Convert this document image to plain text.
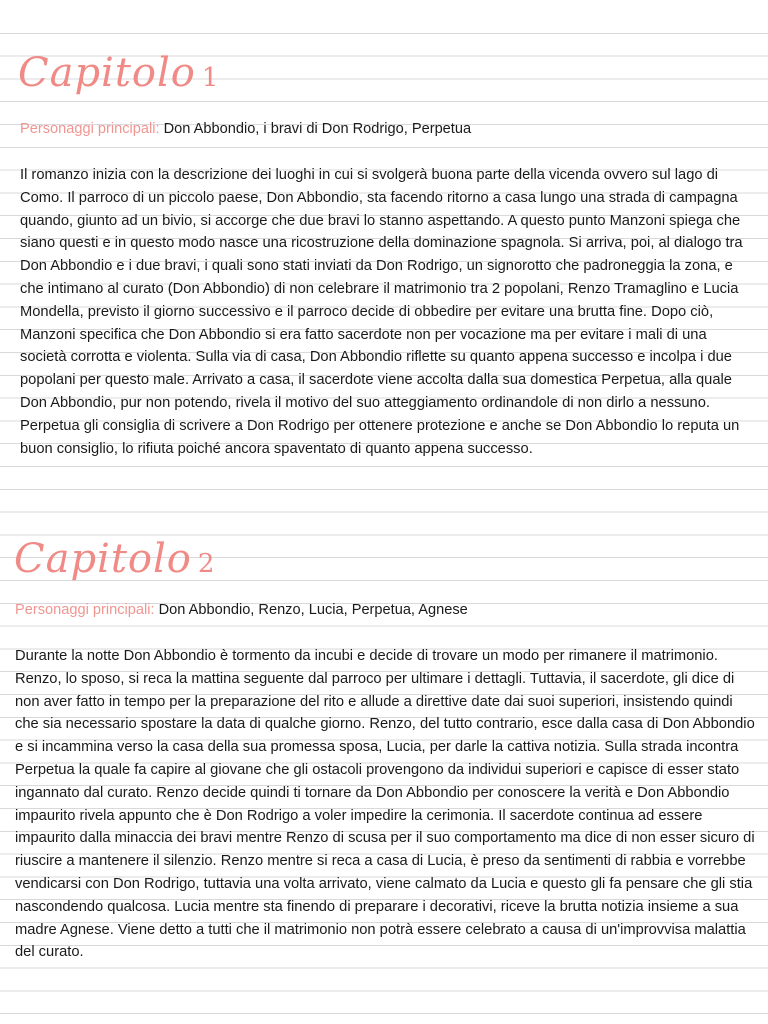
Capitolo 1
Personaggi principali: Don Abbondio, i bravi di Don Rodrigo, Perpetua

Il romanzo inizia con la descrizione dei luoghi in cui si svolgerà buona parte della vicenda ovvero sul lago di Como. Il parroco di un piccolo paese, Don Abbondio, sta facendo ritorno a casa lungo una strada di campagna quando, giunto ad un bivio, si accorge che due bravi lo stanno aspettando. A questo punto Manzoni spiega che siano questi e in questo modo nasce una ricostruzione della dominazione spagnola. Si arriva, poi, al dialogo tra Don Abbondio e i due bravi, i quali sono stati inviati da Don Rodrigo, un signorotto che padroneggia la zona, e che intimano al curato (Don Abbondio) di non celebrare il matrimonio tra 2 popolani, Renzo Tramaglino e Lucia Mondella, previsto il giorno successivo e il parroco decide di obbedire per evitare una brutta fine. Dopo ciò, Manzoni specifica che Don Abbondio si era fatto sacerdote non per vocazione ma per evitare i mali di una società corrotta e violenta. Sulla via di casa, Don Abbondio riflette su quanto appena successo e incolpa i due popolani per questo male. Arrivato a casa, il sacerdote viene accolta dalla sua domestica Perpetua, alla quale Don Abbondio, pur non potendo, rivela il motivo del suo atteggiamento ordinandole di non dirlo a nessuno. Perpetua gli consiglia di scrivere a Don Rodrigo per ottenere protezione e anche se Don Abbondio lo reputa un buon consiglio, lo rifiuta poiché ancora spaventato di quanto appena successo.

Capitolo 2
Personaggi principali: Don Abbondio, Renzo, Lucia, Perpetua, Agnese

Durante la notte Don Abbondio è tormento da incubi e decide di trovare un modo per rimanere il matrimonio. Renzo, lo sposo, si reca la mattina seguente dal parroco per ultimare i dettagli. Tuttavia, il sacerdote, gli dice di non aver fatto in tempo per la preparazione del rito e allude a direttive date dai suoi superiori, insistendo quindi che sia necessario spostare la data di qualche giorno. Renzo, del tutto contrario, esce dalla casa di Don Abbondio e si incammina verso la casa della sua promessa sposa, Lucia, per darle la cattiva notizia. Sulla strada incontra Perpetua la quale fa capire al giovane che gli ostacoli provengono da individui superiori e capisce di esser stato ingannato dal curato. Renzo decide quindi ti tornare da Don Abbondio per conoscere la verità e Don Abbondio impaurito rivela appunto che è Don Rodrigo a voler impedire la cerimonia. Il sacerdote continua ad essere impaurito dalla minaccia dei bravi mentre Renzo di scusa per il suo comportamento ma dice di non esser sicuro di riuscire a mantenere il silenzio. Renzo mentre si reca a casa di Lucia, è preso da sentimenti di rabbia e vorrebbe vendicarsi con Don Rodrigo, tuttavia una volta arrivato, viene calmato da Lucia e questo gli fa pensare che gli stia nascondendo qualcosa. Lucia mentre sta finendo di preparare i decorativi, riceve la brutta notizia insieme a sua madre Agnese. Viene detto a tutti che il matrimonio non potrà essere celebrato a causa di un'improvvisa malattia del curato.
